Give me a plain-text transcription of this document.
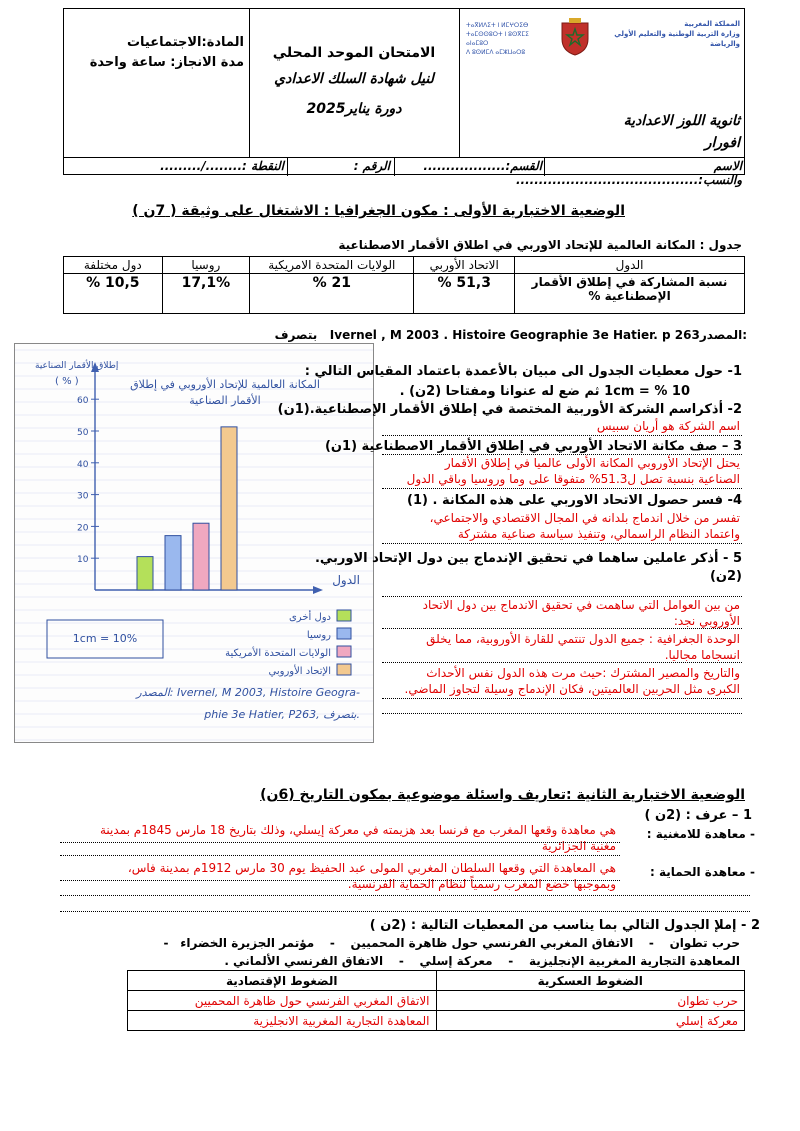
المادة:الاجتماعيات
مدة الانجاز: ساعة واحدة
الامتحان الموحد المحلي
لنيل شهادة السلك الاعدادي
دورة يناير2025
ⵜⴰⴳⵍⴷⵉⵜ ⵏ ⵍⵎⵖⵔⵉⴱ
ⵜⴰⵎⵙⵙⵓⵔⵜ ⵏ ⵓⵙⴳⵎⵉ ⴰⵏⴰⵎⵓⵔ
ⴷ ⵓⵙⵍⵎⴷ ⴰⵎⵣⵡⴰⵔⵓ
المملكة المغربية
وزارة التربية الوطنية والتعليم الأولي
والرياضة
ثانوية اللوز الاعدادية
افورار
النقطة :......../.........	الرقم :	القسم:..................	الاسم والنسب:........................................
الوضعية الاختبارية الأولى : مكون الجغرافيا : الاشتغال على وثيقة ( 7ن )
جدول : المكانة العالمية للإتحاد الاوربي في اطلاق الأقمار الاصطناعية
الدول	الاتحاد الأوربي	الولايات المتحدة الامريكية	روسيا	دول مختلفة
نسبة المشاركة في إطلاق الأقمار الإصطناعية %	51,3 %	21 %	17,1%	10,5 %
بتصرف Ivernel , M 2003 . Histoire Geographie 3e Hatier. p 263المصدر:
10
20
30
40
50
60
المكانة العالمية للإتحاد الأوروبي في إطلاق
الأقمار الصناعية
إطلاق الأقمار الصناعية
( % )
الدول
1cm = 10%
دول أخرى
روسيا
الولايات المتحدة الأمريكية
الإتحاد الأوروبي
المصدر: Ivernel, M 2003, Histoire Geogra-
phie 3e Hatier, P263, بتصرف.
1- حول معطيات الجدول الى مبيان بالأعمدة باعتماد المقياس التالي :
10 % = 1cm ثم ضع له عنوانا ومفتاحا (2ن) .
2- أذكراسم الشركة الأوربية المختصة في إطلاق الأقمار الإصطناعية.(1ن)
اسم الشركة هو أريان سبيس
3 – صف مكانة الاتحاد الأوربي في إطلاق الأقمار الاصطناعية (1ن)
يحتل الإتحاد الأوروبي المكانة الأولى عالميا في إطلاق الأقمار
الصناعية بنسبة تصل ل51.3% متفوقا على وما وروسيا وباقي الدول
4- فسر حصول الاتحاد الاوربي على هذه المكانة . (1)
تفسر من خلال اندماج بلدانه في المجال الاقتصادي والاجتماعي،
واعتماد النظام الراسمالي، وتنفيذ سياسة صناعية مشتركة
5 - أذكر عاملين ساهما في تحقيق الإندماج بين دول الإتحاد الاوربي.
(2ن)
من بين العوامل التي ساهمت في تحقيق الاندماج بين دول الاتحاد
الأوروبي نجد:
الوحدة الجغرافية : جميع الدول تنتمي للقارة الأوروبية، مما يخلق
انسجاما مجاليا.
والتاريخ والمصير المشترك :حيث مرت هذه الدول نفس الأحداث
الكبرى مثل الحربين العالميتين، فكان الإندماج وسيلة لتجاوز الماضي.
الوضعية الاختبارية الثانية :تعاريف واسئلة موضوعية بمكون التاريخ (6ن)
1 – عرف : (2ن )
- معاهدة للامغنية :
هي معاهدة وقعها المغرب مع فرنسا بعد هزيمته في معركة إيسلي، وذلك بتاريخ 18 مارس 1845م بمدينة
مغنية الجزائرية
- معاهدة الحماية :
هي المعاهدة التي وقعها السلطان المغربي المولى عبد الحفيظ يوم 30 مارس 1912م بمدينة فاس،
وبموجبها خضع المغرب رسمياً لنظام الحماية الفرنسية.
2 - إملإ الجدول التالي بما يناسب من المعطيات التالية : (2ن )
حرب تطوان - الاتفاق المغربي الفرنسي حول ظاهرة المحميين - مؤتمر الجزيرة الخضراء -
المعاهدة التجارية المغربية الإنجليزية - معركة إسلي - الاتفاق الفرنسي الألماني .
الضغوط العسكرية	الضغوط الإقتصادية
حرب تطوان	الاتفاق المغربي الفرنسي حول ظاهرة المحميين
معركة إسلي	المعاهدة التجارية المغربية الانجليزية
